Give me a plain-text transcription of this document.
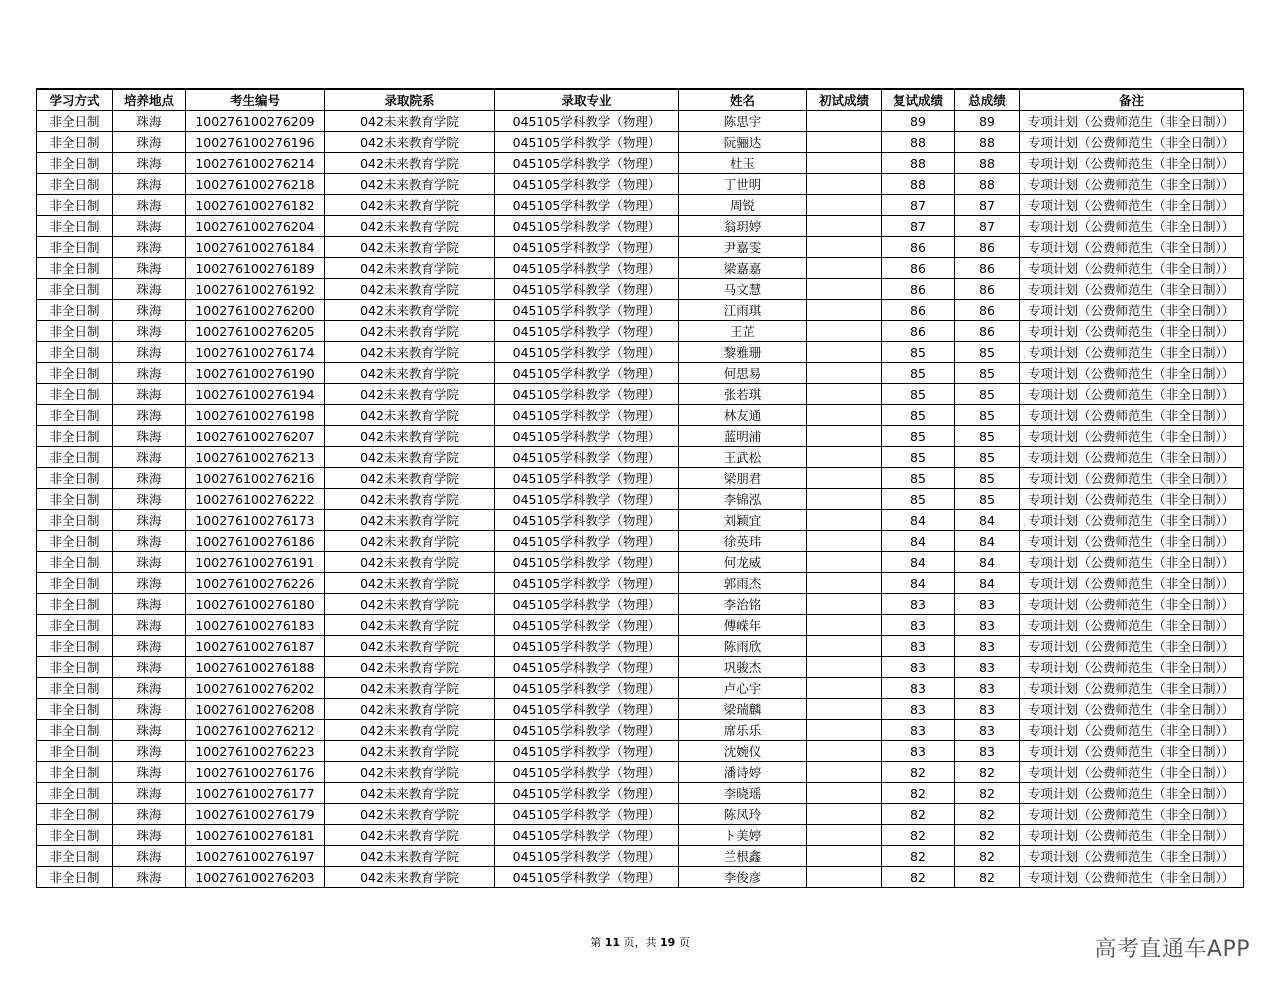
学习方式	培养地点	考生编号	录取院系	录取专业	姓名	初试成绩	复试成绩	总成绩	备注
非全日制	珠海	100276100276209	042未来教育学院	045105学科教学（物理）	陈思宇		89	89	专项计划（公费师范生（非全日制））
非全日制	珠海	100276100276196	042未来教育学院	045105学科教学（物理）	阮骊达		88	88	专项计划（公费师范生（非全日制））
非全日制	珠海	100276100276214	042未来教育学院	045105学科教学（物理）	杜玉		88	88	专项计划（公费师范生（非全日制））
非全日制	珠海	100276100276218	042未来教育学院	045105学科教学（物理）	丁世明		88	88	专项计划（公费师范生（非全日制））
非全日制	珠海	100276100276182	042未来教育学院	045105学科教学（物理）	周锐		87	87	专项计划（公费师范生（非全日制））
非全日制	珠海	100276100276204	042未来教育学院	045105学科教学（物理）	翁玥婷		87	87	专项计划（公费师范生（非全日制））
非全日制	珠海	100276100276184	042未来教育学院	045105学科教学（物理）	尹嘉雯		86	86	专项计划（公费师范生（非全日制））
非全日制	珠海	100276100276189	042未来教育学院	045105学科教学（物理）	梁嘉嘉		86	86	专项计划（公费师范生（非全日制））
非全日制	珠海	100276100276192	042未来教育学院	045105学科教学（物理）	马文慧		86	86	专项计划（公费师范生（非全日制））
非全日制	珠海	100276100276200	042未来教育学院	045105学科教学（物理）	江雨琪		86	86	专项计划（公费师范生（非全日制））
非全日制	珠海	100276100276205	042未来教育学院	045105学科教学（物理）	王芷		86	86	专项计划（公费师范生（非全日制））
非全日制	珠海	100276100276174	042未来教育学院	045105学科教学（物理）	黎雅珊		85	85	专项计划（公费师范生（非全日制））
非全日制	珠海	100276100276190	042未来教育学院	045105学科教学（物理）	何思易		85	85	专项计划（公费师范生（非全日制））
非全日制	珠海	100276100276194	042未来教育学院	045105学科教学（物理）	张若琪		85	85	专项计划（公费师范生（非全日制））
非全日制	珠海	100276100276198	042未来教育学院	045105学科教学（物理）	林友通		85	85	专项计划（公费师范生（非全日制））
非全日制	珠海	100276100276207	042未来教育学院	045105学科教学（物理）	蓝明浦		85	85	专项计划（公费师范生（非全日制））
非全日制	珠海	100276100276213	042未来教育学院	045105学科教学（物理）	王武松		85	85	专项计划（公费师范生（非全日制））
非全日制	珠海	100276100276216	042未来教育学院	045105学科教学（物理）	梁朋君		85	85	专项计划（公费师范生（非全日制））
非全日制	珠海	100276100276222	042未来教育学院	045105学科教学（物理）	李锦泓		85	85	专项计划（公费师范生（非全日制））
非全日制	珠海	100276100276173	042未来教育学院	045105学科教学（物理）	刘颖宜		84	84	专项计划（公费师范生（非全日制））
非全日制	珠海	100276100276186	042未来教育学院	045105学科教学（物理）	徐英玮		84	84	专项计划（公费师范生（非全日制））
非全日制	珠海	100276100276191	042未来教育学院	045105学科教学（物理）	何龙威		84	84	专项计划（公费师范生（非全日制））
非全日制	珠海	100276100276226	042未来教育学院	045105学科教学（物理）	郭雨杰		84	84	专项计划（公费师范生（非全日制））
非全日制	珠海	100276100276180	042未来教育学院	045105学科教学（物理）	李治铭		83	83	专项计划（公费师范生（非全日制））
非全日制	珠海	100276100276183	042未来教育学院	045105学科教学（物理）	傅嵘年		83	83	专项计划（公费师范生（非全日制））
非全日制	珠海	100276100276187	042未来教育学院	045105学科教学（物理）	陈雨欣		83	83	专项计划（公费师范生（非全日制））
非全日制	珠海	100276100276188	042未来教育学院	045105学科教学（物理）	巩骏杰		83	83	专项计划（公费师范生（非全日制））
非全日制	珠海	100276100276202	042未来教育学院	045105学科教学（物理）	卢心宇		83	83	专项计划（公费师范生（非全日制））
非全日制	珠海	100276100276208	042未来教育学院	045105学科教学（物理）	梁瑞麟		83	83	专项计划（公费师范生（非全日制））
非全日制	珠海	100276100276212	042未来教育学院	045105学科教学（物理）	席乐乐		83	83	专项计划（公费师范生（非全日制））
非全日制	珠海	100276100276223	042未来教育学院	045105学科教学（物理）	沈婉仪		83	83	专项计划（公费师范生（非全日制））
非全日制	珠海	100276100276176	042未来教育学院	045105学科教学（物理）	潘诗婷		82	82	专项计划（公费师范生（非全日制））
非全日制	珠海	100276100276177	042未来教育学院	045105学科教学（物理）	李晓瑶		82	82	专项计划（公费师范生（非全日制））
非全日制	珠海	100276100276179	042未来教育学院	045105学科教学（物理）	陈凤玲		82	82	专项计划（公费师范生（非全日制））
非全日制	珠海	100276100276181	042未来教育学院	045105学科教学（物理）	ト美婷		82	82	专项计划（公费师范生（非全日制））
非全日制	珠海	100276100276197	042未来教育学院	045105学科教学（物理）	兰根鑫		82	82	专项计划（公费师范生（非全日制））
非全日制	珠海	100276100276203	042未来教育学院	045105学科教学（物理）	李俊彦		82	82	专项计划（公费师范生（非全日制））
第 11 页，共 19 页	高考直通车APP
